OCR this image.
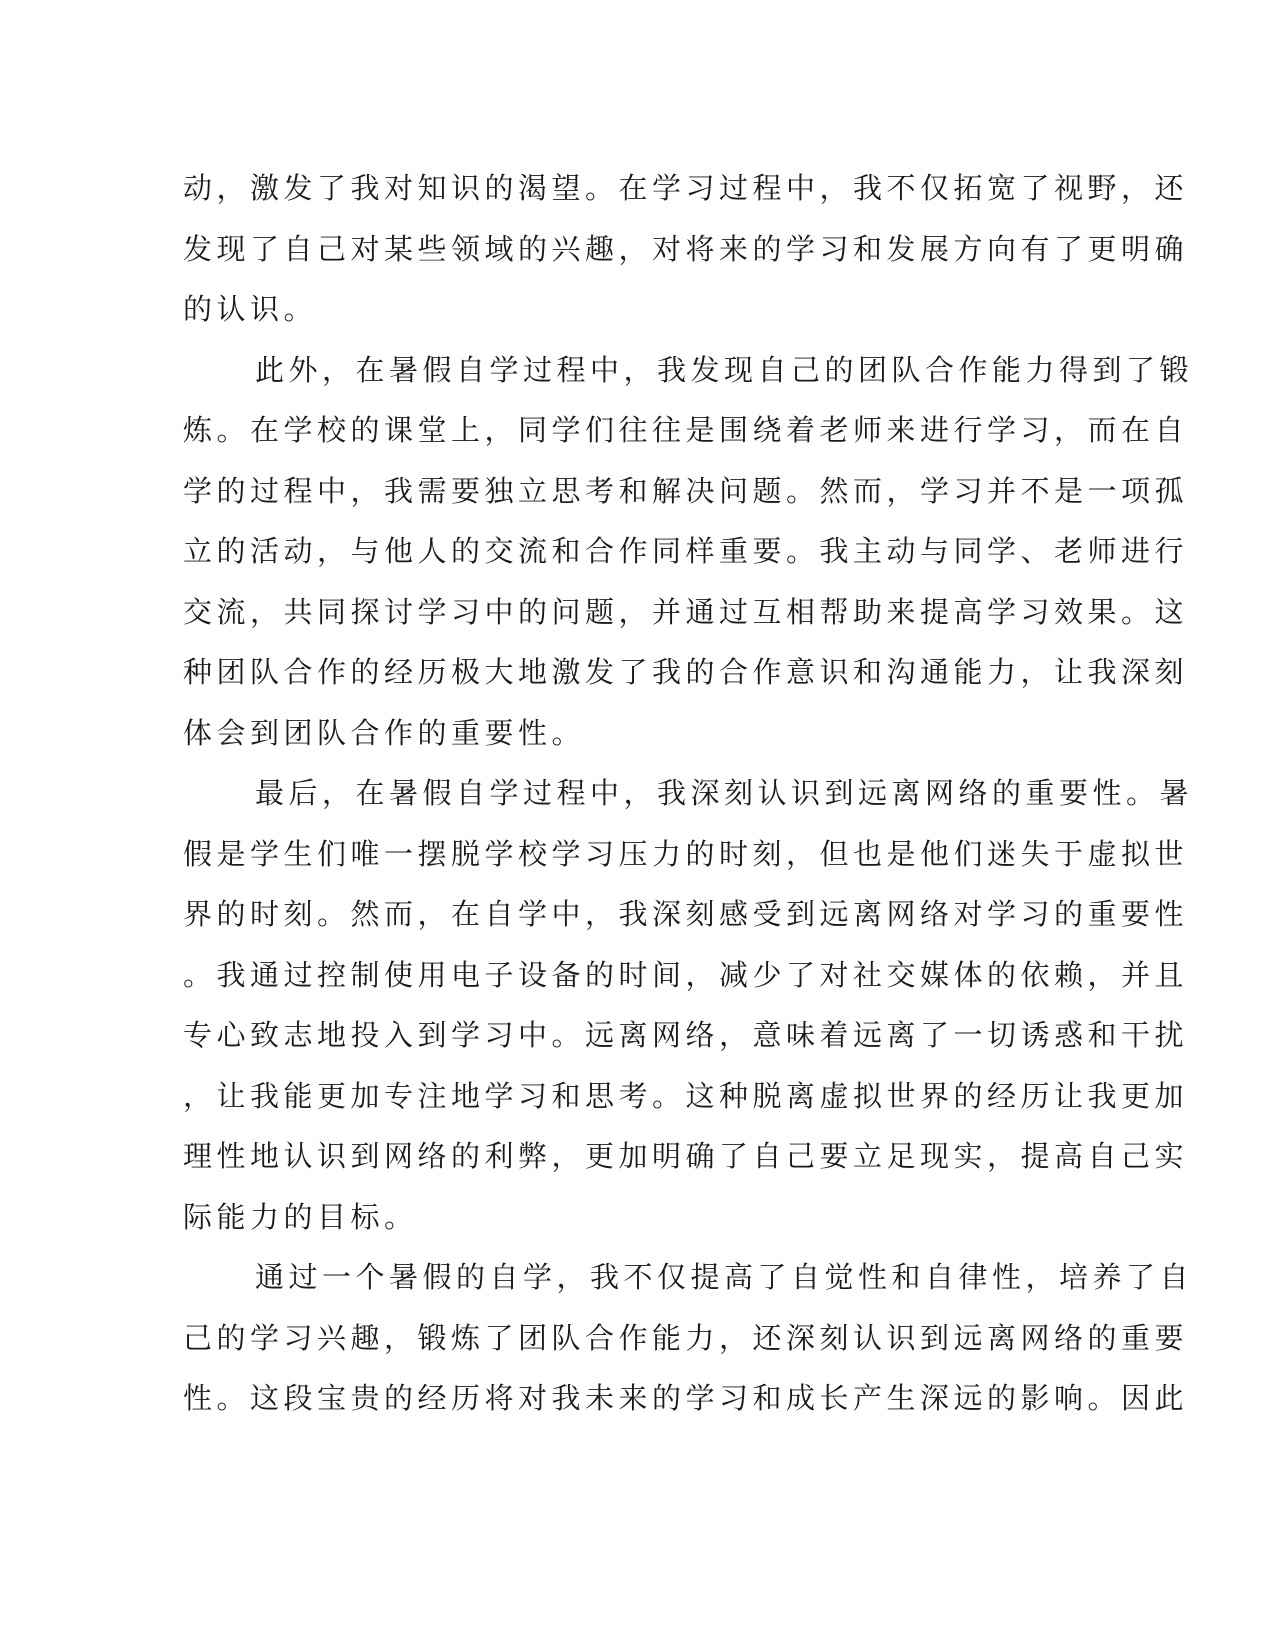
动，激发了我对知识的渴望。在学习过程中，我不仅拓宽了视野，还
发现了自己对某些领域的兴趣，对将来的学习和发展方向有了更明确
的认识。
此外，在暑假自学过程中，我发现自己的团队合作能力得到了锻
炼。在学校的课堂上，同学们往往是围绕着老师来进行学习，而在自
学的过程中，我需要独立思考和解决问题。然而，学习并不是一项孤
立的活动，与他人的交流和合作同样重要。我主动与同学、老师进行
交流，共同探讨学习中的问题，并通过互相帮助来提高学习效果。这
种团队合作的经历极大地激发了我的合作意识和沟通能力，让我深刻
体会到团队合作的重要性。
最后，在暑假自学过程中，我深刻认识到远离网络的重要性。暑
假是学生们唯一摆脱学校学习压力的时刻，但也是他们迷失于虚拟世
界的时刻。然而，在自学中，我深刻感受到远离网络对学习的重要性
。我通过控制使用电子设备的时间，减少了对社交媒体的依赖，并且
专心致志地投入到学习中。远离网络，意味着远离了一切诱惑和干扰
，让我能更加专注地学习和思考。这种脱离虚拟世界的经历让我更加
理性地认识到网络的利弊，更加明确了自己要立足现实，提高自己实
际能力的目标。
通过一个暑假的自学，我不仅提高了自觉性和自律性，培养了自
己的学习兴趣，锻炼了团队合作能力，还深刻认识到远离网络的重要
性。这段宝贵的经历将对我未来的学习和成长产生深远的影响。因此
